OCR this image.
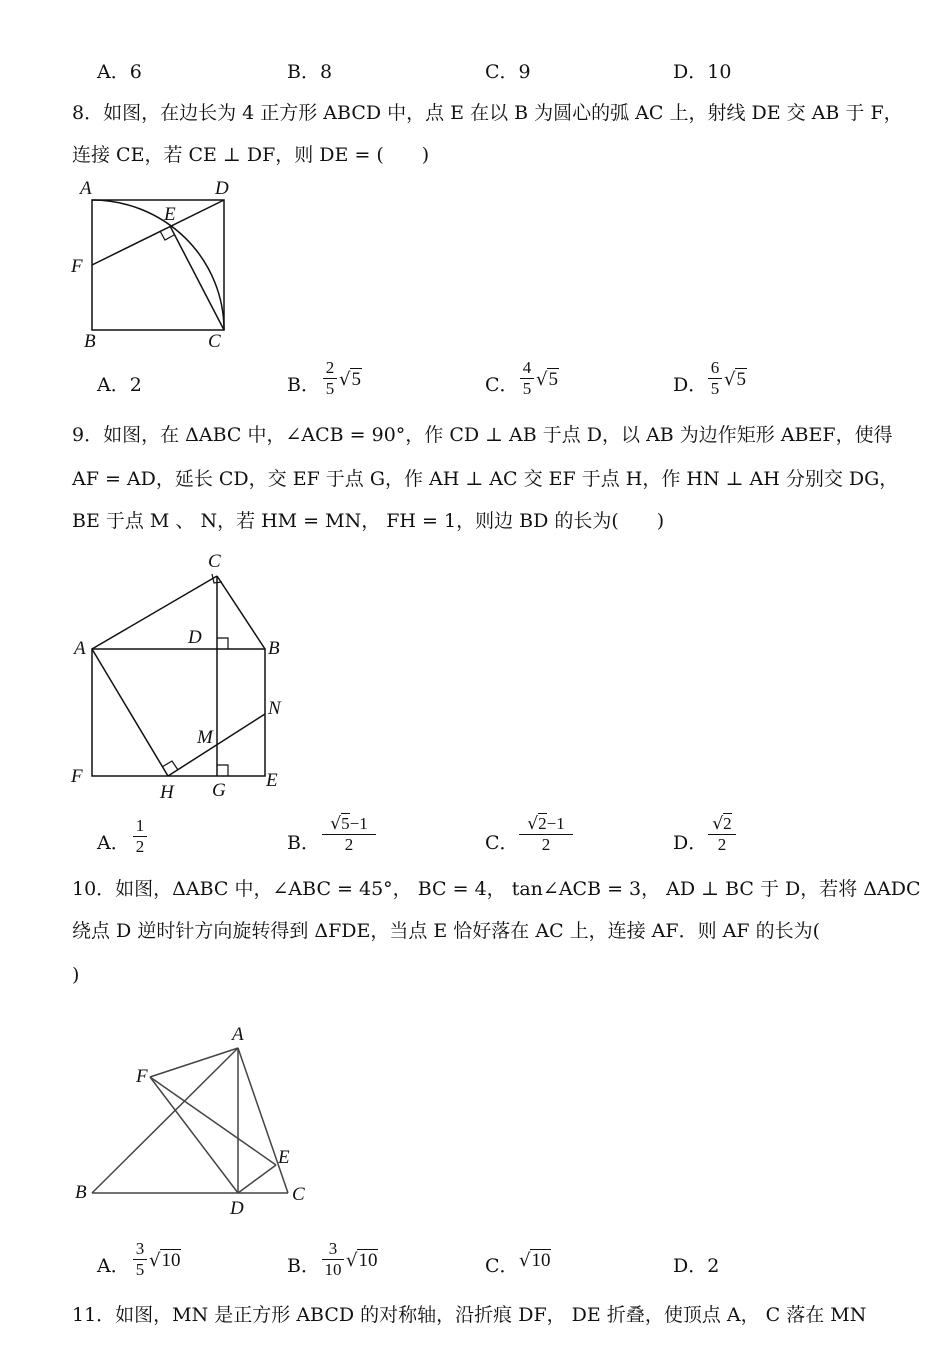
A．6	B．8	C．9	D．10
8．如图，在边长为 4 正方形 ABCD 中，点 E 在以 B 为圆心的弧 AC 上，射线 DE 交 AB 于 F，
连接 CE，若 CE ⊥ DF，则 DE = (　　)
A	D
E
F
B	C
A．2	B．
2
5 √5	C．
4
5 √5	D．
6
5 √5
9．如图，在 ΔABC 中，∠ACB = 90°，作 CD ⊥ AB 于点 D，以 AB 为边作矩形 ABEF，使得
AF = AD，延长 CD，交 EF 于点 G，作 AH ⊥ AC 交 EF 于点 H，作 HN ⊥ AH 分别交 DG，
BE 于点 M 、 N，若 HM = MN， FH = 1，则边 BD 的长为(　　)
C
A
D
B
N
M
F
H G E
A．
1
2	B．
√5−1
2	C．
√2−1
2	D．
√2
2
10．如图，ΔABC 中，∠ABC = 45°， BC = 4， tan∠ACB = 3， AD ⊥ BC 于 D，若将 ΔADC
绕点 D 逆时针方向旋转得到 ΔFDE，当点 E 恰好落在 AC 上，连接 AF．则 AF 的长为(
)
A
F
E
B
D
C
A．
3
5 √10	B．
3
10 √10	C． √10	D．2
11．如图，MN 是正方形 ABCD 的对称轴，沿折痕 DF， DE 折叠，使顶点 A， C 落在 MN
